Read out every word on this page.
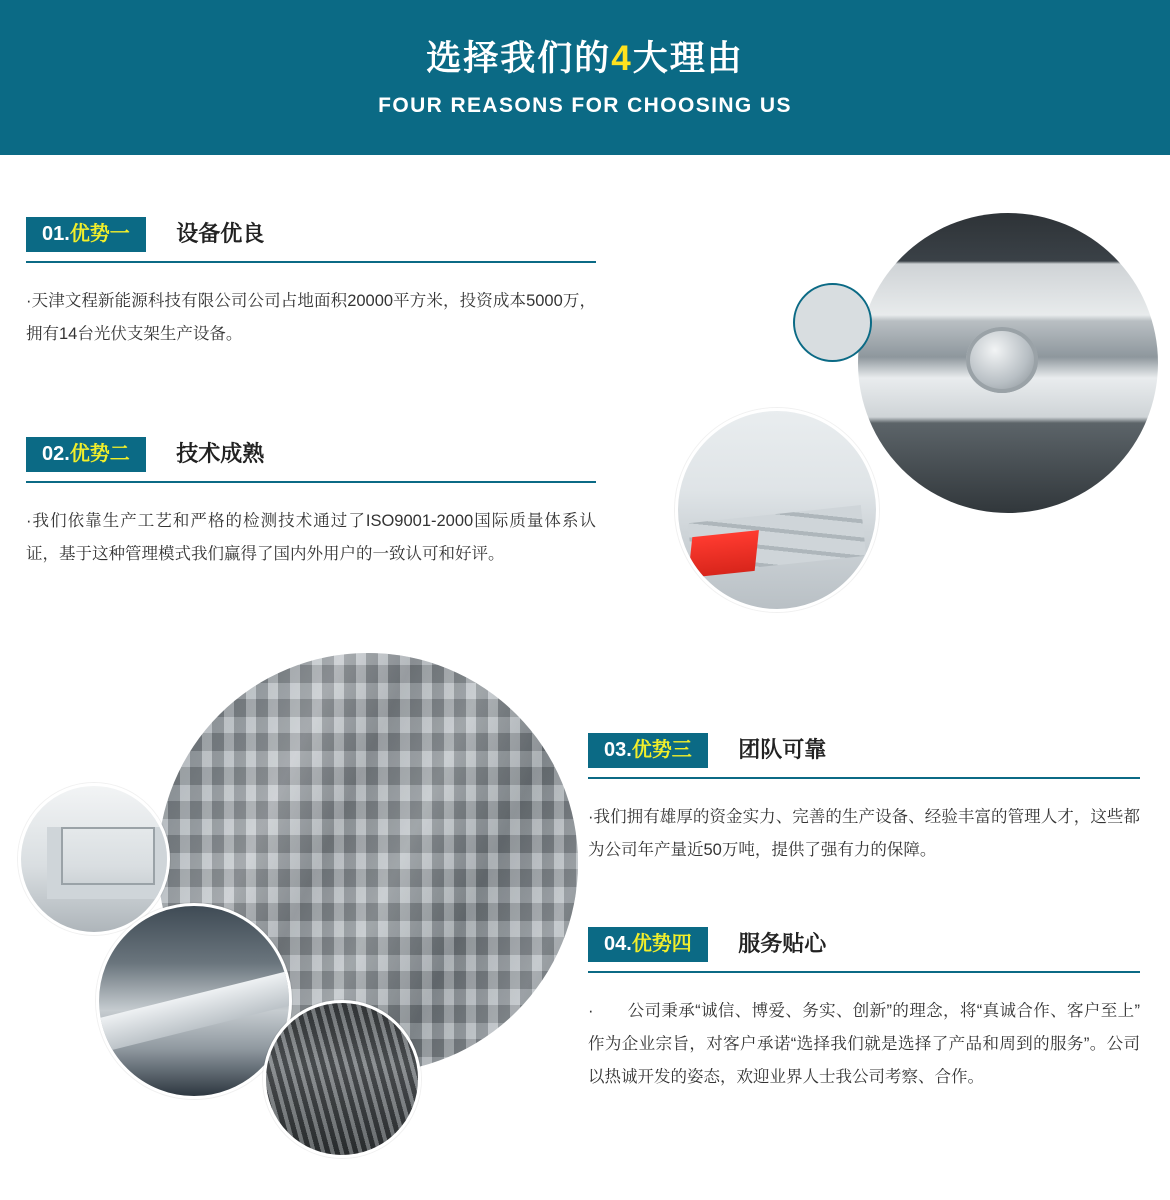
选择我们的4大理由
FOUR REASONS FOR CHOOSING US
01.优势一 设备优良
·天津文程新能源科技有限公司公司占地面积20000平方米，投资成本5000万，拥有14台光伏支架生产设备。
02.优势二 技术成熟
·我们依靠生产工艺和严格的检测技术通过了ISO9001-2000国际质量体系认证，基于这种管理模式我们赢得了国内外用户的一致认可和好评。
03.优势三 团队可靠
·我们拥有雄厚的资金实力、完善的生产设备、经验丰富的管理人才，这些都为公司年产量近50万吨，提供了强有力的保障。
04.优势四 服务贴心
·　　公司秉承“诚信、博爱、务实、创新”的理念，将“真诚合作、客户至上”作为企业宗旨，对客户承诺“选择我们就是选择了产品和周到的服务”。公司以热诚开发的姿态，欢迎业界人士我公司考察、合作。
